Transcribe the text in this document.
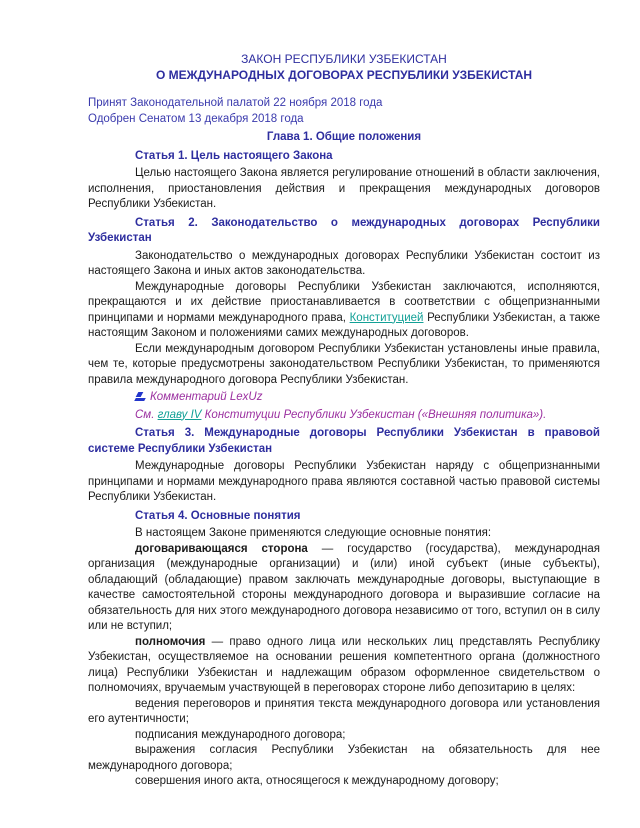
ЗАКОН РЕСПУБЛИКИ УЗБЕКИСТАН
О МЕЖДУНАРОДНЫХ ДОГОВОРАХ РЕСПУБЛИКИ УЗБЕКИСТАН
Принят Законодательной палатой 22 ноября 2018 года
Одобрен Сенатом 13 декабря 2018 года
Глава 1. Общие положения

Статья 1. Цель настоящего Закона

Целью настоящего Закона является регулирование отношений в области заключения, исполнения, приостановления действия и прекращения международных договоров Республики Узбекистан.

Статья 2. Законодательство о международных договорах Республики Узбекистан

Законодательство о международных договорах Республики Узбекистан состоит из настоящего Закона и иных актов законодательства.

Международные договоры Республики Узбекистан заключаются, исполняются, прекращаются и их действие приостанавливается в соответствии с общепризнанными принципами и нормами международного права, Конституцией Республики Узбекистан, а также настоящим Законом и положениями самих международных договоров.

Если международным договором Республики Узбекистан установлены иные правила, чем те, которые предусмотрены законодательством Республики Узбекистан, то применяются правила международного договора Республики Узбекистан.

Комментарий LexUz

См. главу IV Конституции Республики Узбекистан («Внешняя политика»).

Статья 3. Международные договоры Республики Узбекистан в правовой системе Республики Узбекистан

Международные договоры Республики Узбекистан наряду с общепризнанными принципами и нормами международного права являются составной частью правовой системы Республики Узбекистан.

Статья 4. Основные понятия

В настоящем Законе применяются следующие основные понятия:

договаривающаяся сторона — государство (государства), международная организация (международные организации) и (или) иной субъект (иные субъекты), обладающий (обладающие) правом заключать международные договоры, выступающие в качестве самостоятельной стороны международного договора и выразившие согласие на обязательность для них этого международного договора независимо от того, вступил он в силу или не вступил;

полномочия — право одного лица или нескольких лиц представлять Республику Узбекистан, осуществляемое на основании решения компетентного органа (должностного лица) Республики Узбекистан и надлежащим образом оформленное свидетельством о полномочиях, вручаемым участвующей в переговорах стороне либо депозитарию в целях:

ведения переговоров и принятия текста международного договора или установления его аутентичности;

подписания международного договора;

выражения согласия Республики Узбекистан на обязательность для нее международного договора;

совершения иного акта, относящегося к международному договору;
